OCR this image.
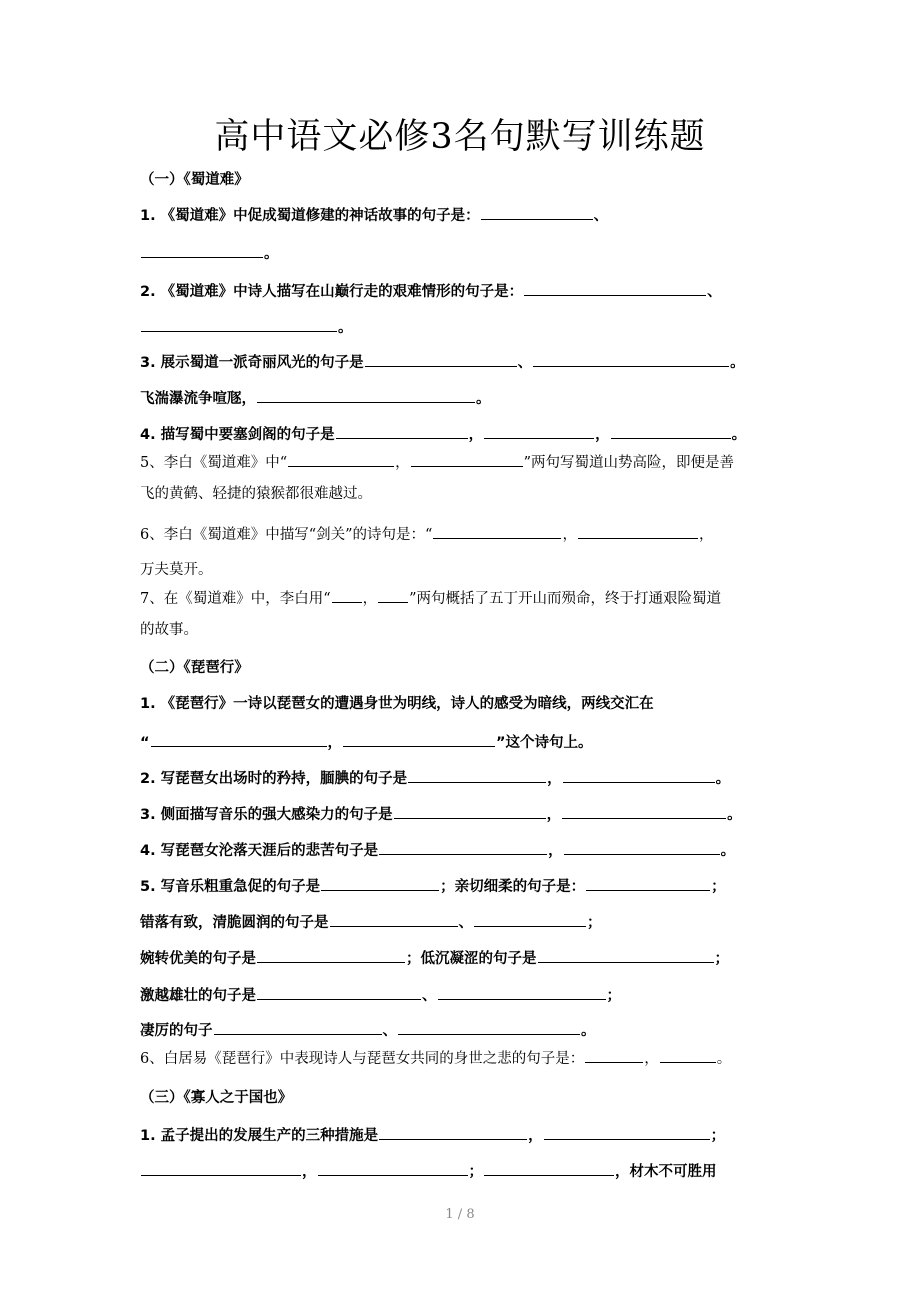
高中语文必修3名句默写训练题
（一）《蜀道难》
1. 《蜀道难》中促成蜀道修建的神话故事的句子是：	、
。
2. 《蜀道难》中诗人描写在山巅行走的艰难情形的句子是：	、
。
3. 展示蜀道一派奇丽风光的句子是	、	。
飞湍瀑流争喧豗，	。
4. 描写蜀中要塞剑阁的句子是	，	，	。
5、李白《蜀道难》中“	，	”两句写蜀道山势高险，即便是善
飞的黄鹤、轻捷的猿猴都很难越过。
6、李白《蜀道难》中描写“剑关”的诗句是：“	，	，
万夫莫开。
7、在《蜀道难》中，李白用“ ， ”两句概括了五丁开山而殒命，终于打通艰险蜀道
的故事。
（二）《琵琶行》
1. 《琵琶行》一诗以琵琶女的遭遇身世为明线，诗人的感受为暗线，两线交汇在
“	，	”这个诗句上。
2. 写琵琶女出场时的矜持，腼腆的句子是	，	。
3. 侧面描写音乐的强大感染力的句子是	，	。
4. 写琵琶女沦落天涯后的悲苦句子是	，	。
5. 写音乐粗重急促的句子是	；亲切细柔的句子是：	；
错落有致，清脆圆润的句子是	、	；
婉转优美的句子是	；低沉凝涩的句子是	；
激越雄壮的句子是	、	；
凄厉的句子	、	。
6、白居易《琵琶行》中表现诗人与琵琶女共同的身世之悲的句子是：	，	。
（三）《寡人之于国也》
1. 孟子提出的发展生产的三种措施是	，	；
，	；	，材木不可胜用
1 / 8
